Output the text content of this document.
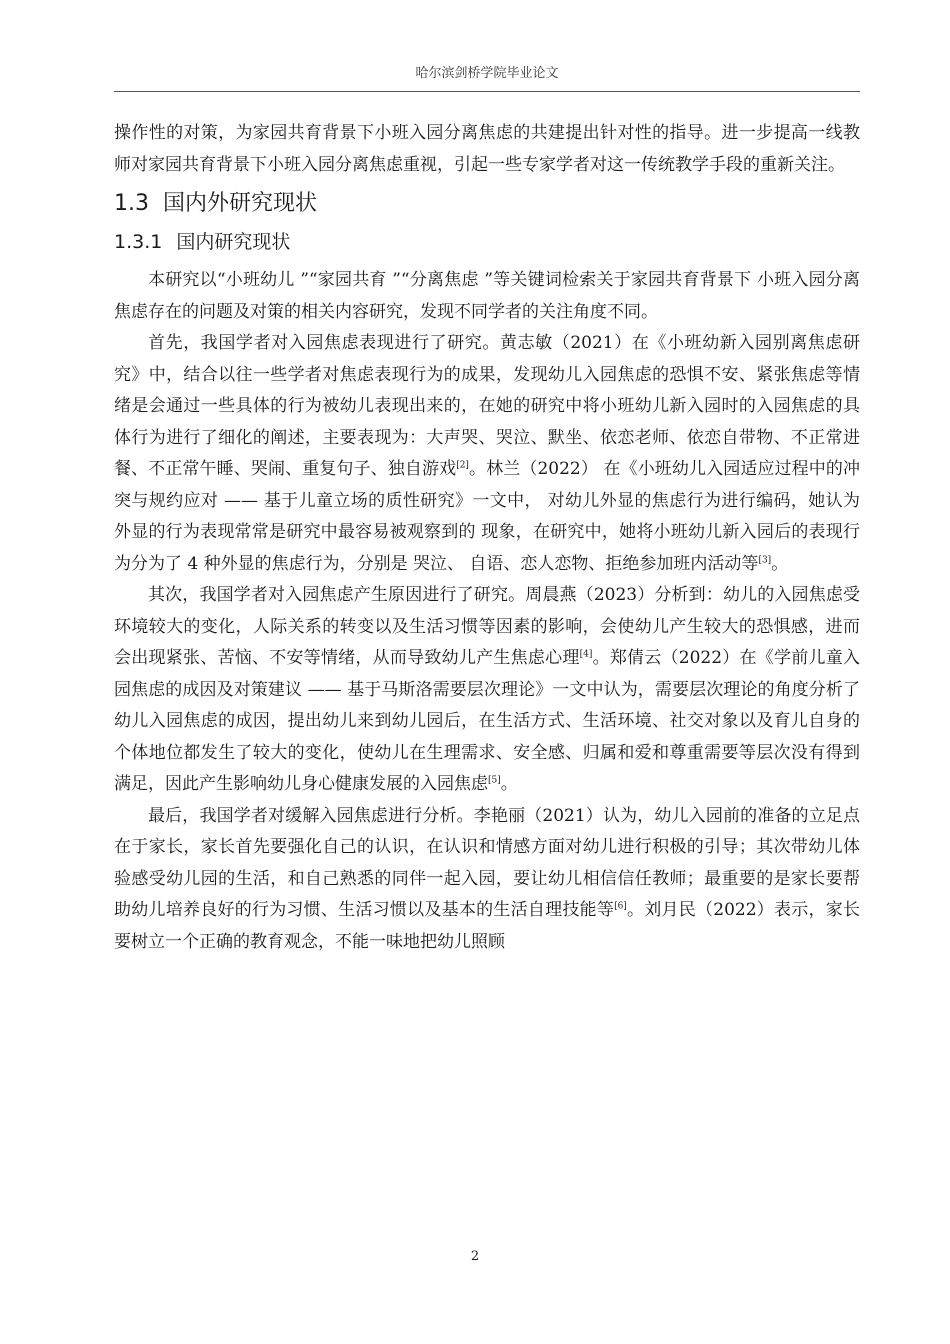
哈尔滨剑桥学院毕业论文

操作性的对策，为家园共育背景下小班入园分离焦虑的共建提出针对性的指导。进一步提高一线教师对家园共育背景下小班入园分离焦虑重视，引起一些专家学者对这一传统教学手段的重新关注。

1.3 国内外研究现状
1.3.1 国内研究现状

本研究以“小班幼儿 ”“家园共育 ”“分离焦虑 ”等关键词检索关于家园共育背景下 小班入园分离焦虑存在的问题及对策的相关内容研究，发现不同学者的关注角度不同。

首先，我国学者对入园焦虑表现进行了研究。黄志敏（2021）在《小班幼新入园别离焦虑研究》中，结合以往一些学者对焦虑表现行为的成果，发现幼儿入园焦虑的恐惧不安、紧张焦虑等情绪是会通过一些具体的行为被幼儿表现出来的，在她的研究中将小班幼儿新入园时的入园焦虑的具体行为进行了细化的阐述，主要表现为：大声哭、哭泣、默坐、依恋老师、依恋自带物、不正常进餐、不正常午睡、哭闹、重复句子、独自游戏[2]。林兰（2022） 在《小班幼儿入园适应过程中的冲突与规约应对 —— 基于儿童立场的质性研究》一文中， 对幼儿外显的焦虑行为进行编码，她认为外显的行为表现常常是研究中最容易被观察到的 现象，在研究中，她将小班幼儿新入园后的表现行为分为了 4 种外显的焦虑行为，分别是 哭泣、 自语、恋人恋物、拒绝参加班内活动等[3]。

其次，我国学者对入园焦虑产生原因进行了研究。周晨燕（2023）分析到：幼儿的入园焦虑受环境较大的变化，人际关系的转变以及生活习惯等因素的影响，会使幼儿产生较大的恐惧感，进而会出现紧张、苦恼、不安等情绪，从而导致幼儿产生焦虑心理[4]。郑倩云（2022）在《学前儿童入园焦虑的成因及对策建议 —— 基于马斯洛需要层次理论》一文中认为，需要层次理论的角度分析了幼儿入园焦虑的成因，提出幼儿来到幼儿园后，在生活方式、生活环境、社交对象以及育儿自身的个体地位都发生了较大的变化，使幼儿在生理需求、安全感、归属和爱和尊重需要等层次没有得到满足，因此产生影响幼儿身心健康发展的入园焦虑[5]。

最后，我国学者对缓解入园焦虑进行分析。李艳丽（2021）认为，幼儿入园前的准备的立足点在于家长，家长首先要强化自己的认识，在认识和情感方面对幼儿进行积极的引导；其次带幼儿体验感受幼儿园的生活，和自己熟悉的同伴一起入园，要让幼儿相信信任教师；最重要的是家长要帮助幼儿培养良好的行为习惯、生活习惯以及基本的生活自理技能等[6]。刘月民（2022）表示，家长要树立一个正确的教育观念，不能一味地把幼儿照顾

2
